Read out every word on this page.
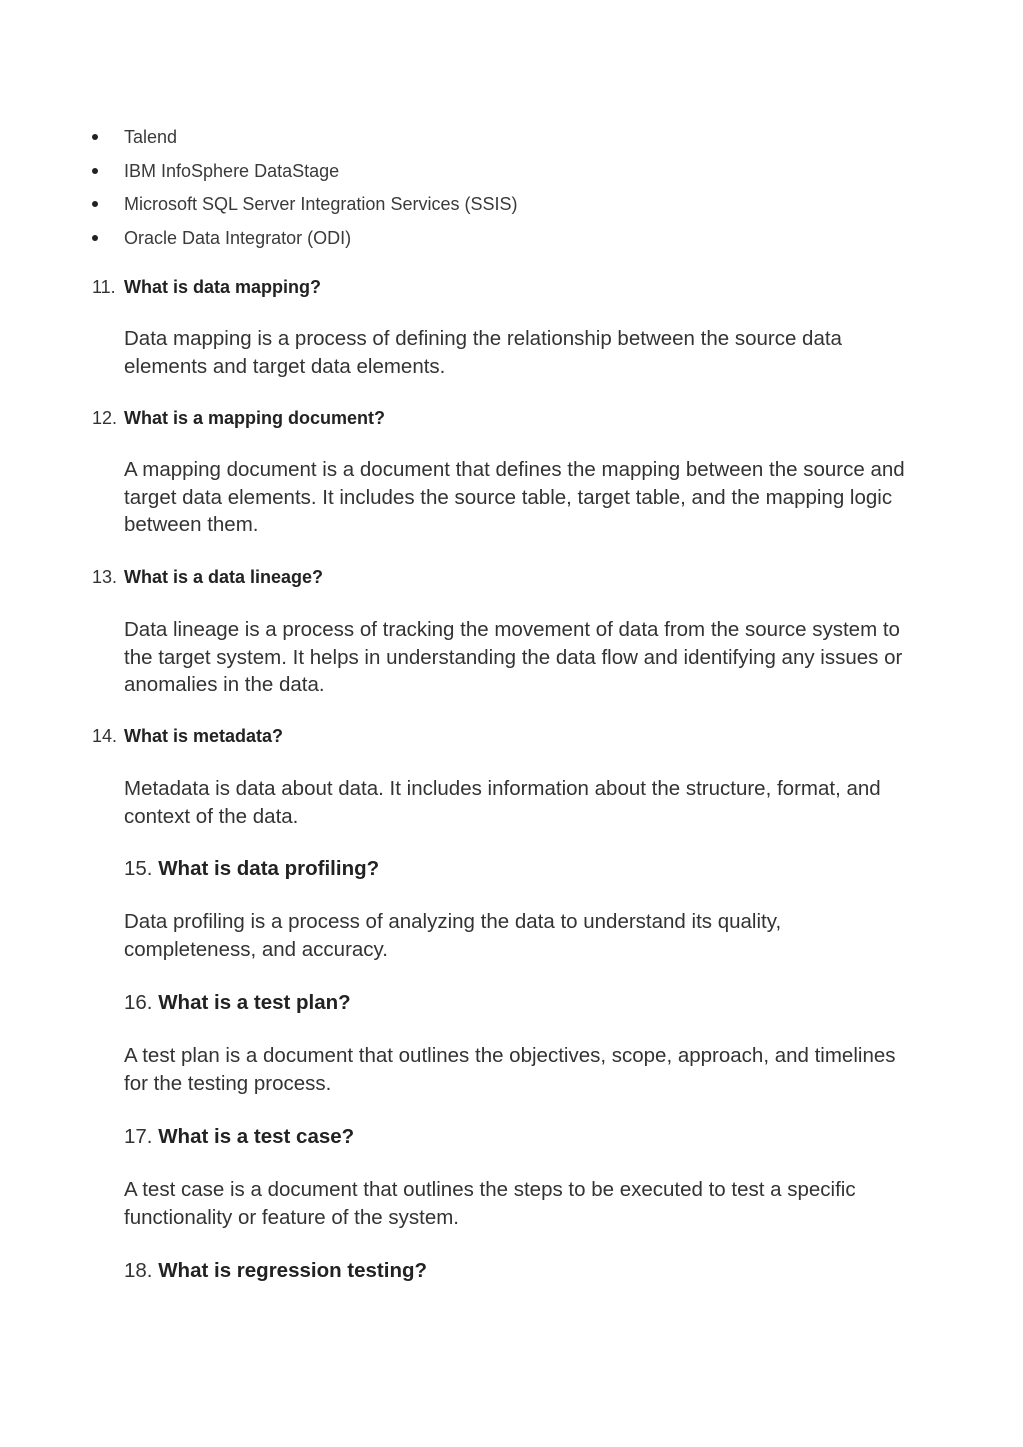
Talend
IBM InfoSphere DataStage
Microsoft SQL Server Integration Services (SSIS)
Oracle Data Integrator (ODI)
11. What is data mapping?

Data mapping is a process of defining the relationship between the source data elements and target data elements.

12. What is a mapping document?

A mapping document is a document that defines the mapping between the source and target data elements. It includes the source table, target table, and the mapping logic between them.

13. What is a data lineage?

Data lineage is a process of tracking the movement of data from the source system to the target system. It helps in understanding the data flow and identifying any issues or anomalies in the data.

14. What is metadata?

Metadata is data about data. It includes information about the structure, format, and context of the data.

15. What is data profiling?

Data profiling is a process of analyzing the data to understand its quality, completeness, and accuracy.

16. What is a test plan?

A test plan is a document that outlines the objectives, scope, approach, and timelines for the testing process.

17. What is a test case?

A test case is a document that outlines the steps to be executed to test a specific functionality or feature of the system.

18. What is regression testing?
